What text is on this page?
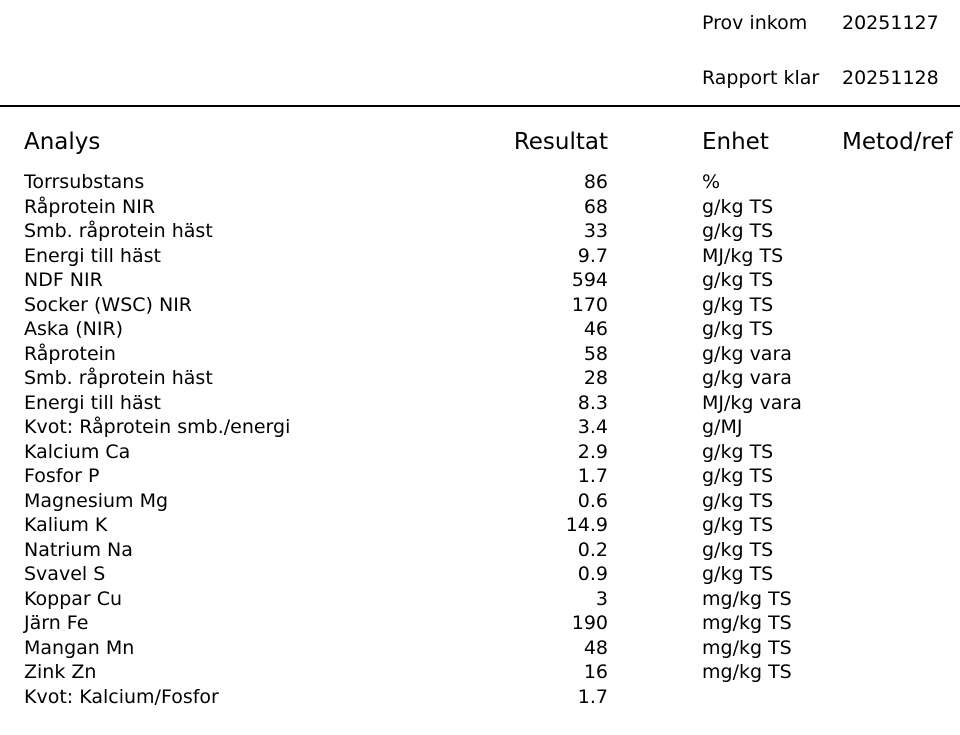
Prov inkom 20251127
Rapport klar 20251128
Analys	Resultat	Enhet	Metod/ref
Torrsubstans	86	%
Råprotein NIR	68	g/kg TS
Smb. råprotein häst	33	g/kg TS
Energi till häst	9.7	MJ/kg TS
NDF NIR	594	g/kg TS
Socker (WSC) NIR	170	g/kg TS
Aska (NIR)	46	g/kg TS
Råprotein	58	g/kg vara
Smb. råprotein häst	28	g/kg vara
Energi till häst	8.3	MJ/kg vara
Kvot: Råprotein smb./energi	3.4	g/MJ
Kalcium Ca	2.9	g/kg TS
Fosfor P	1.7	g/kg TS
Magnesium Mg	0.6	g/kg TS
Kalium K	14.9	g/kg TS
Natrium Na	0.2	g/kg TS
Svavel S	0.9	g/kg TS
Koppar Cu	3	mg/kg TS
Järn Fe	190	mg/kg TS
Mangan Mn	48	mg/kg TS
Zink Zn	16	mg/kg TS
Kvot: Kalcium/Fosfor	1.7
